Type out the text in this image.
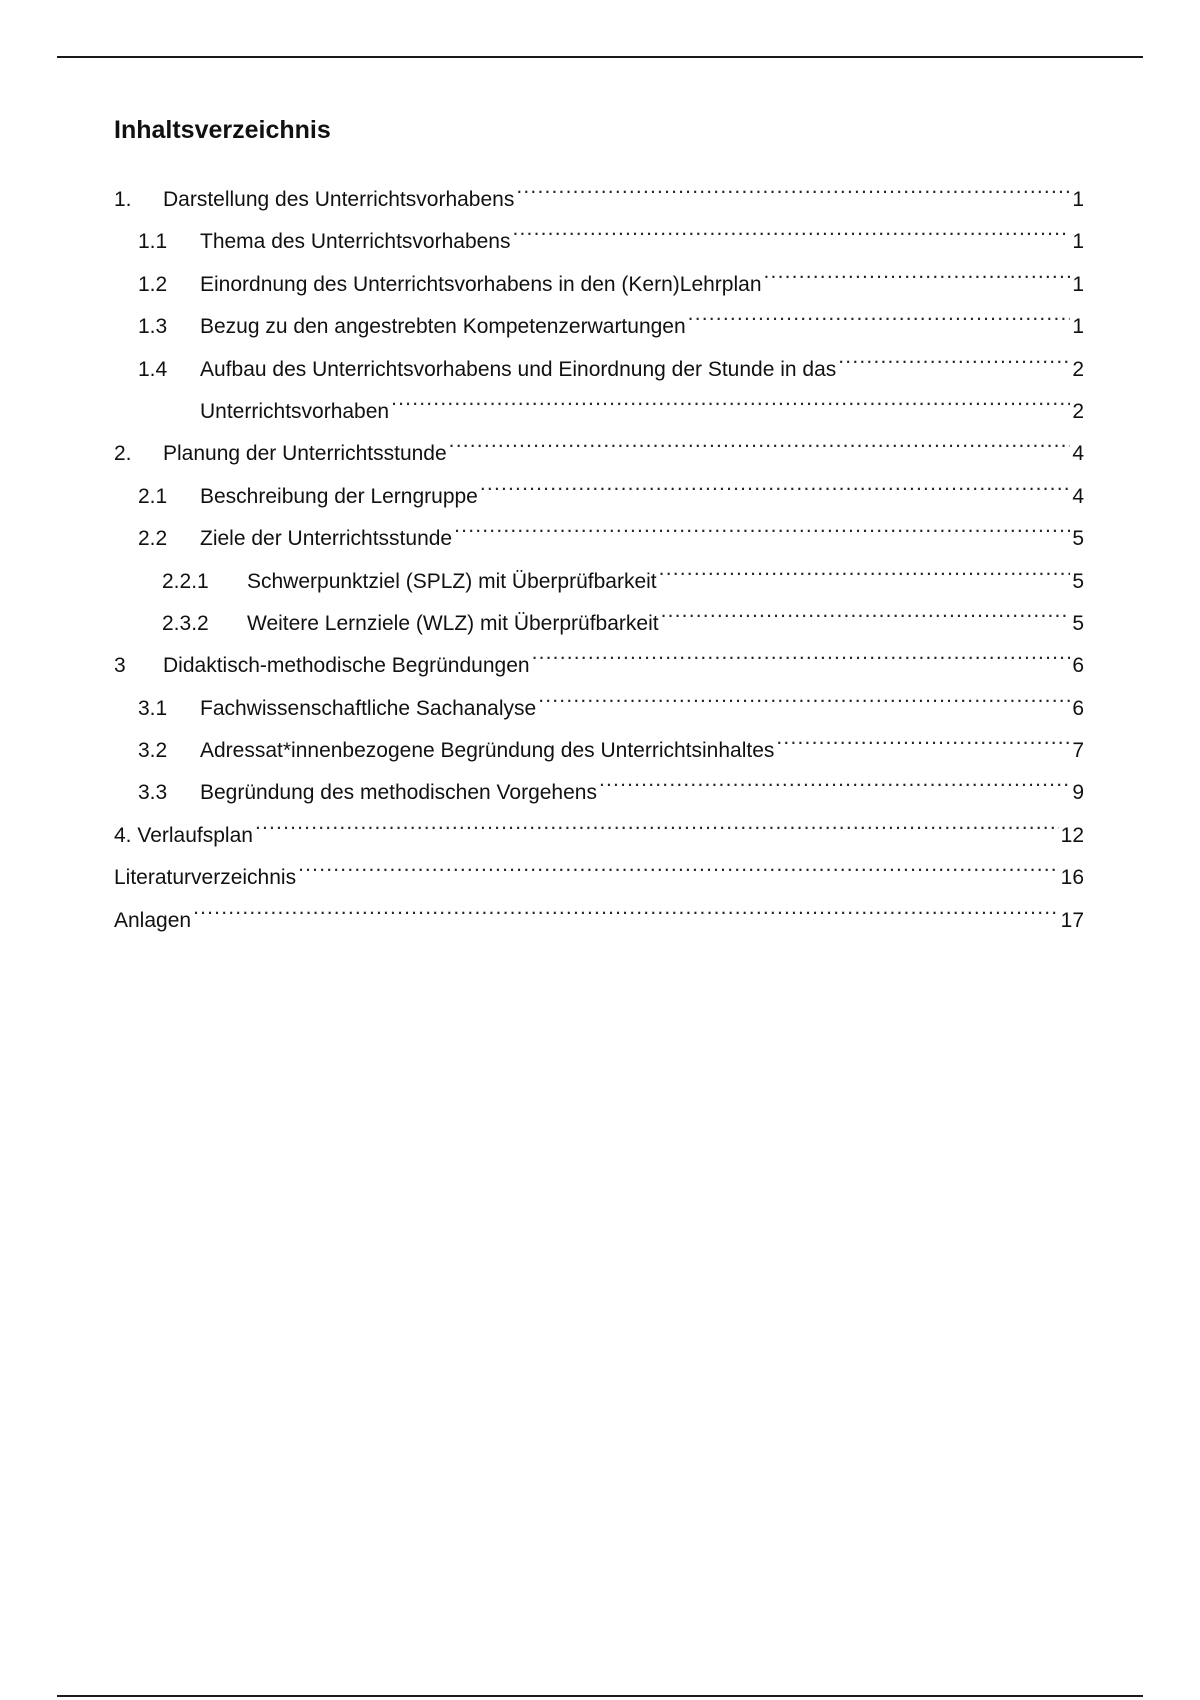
Inhaltsverzeichnis
1.	Darstellung des Unterrichtsvorhabens .....	1
1.1	Thema des Unterrichtsvorhabens .....	1
1.2	Einordnung des Unterrichtsvorhabens in den (Kern)Lehrplan .....	1
1.3	Bezug zu den angestrebten Kompetenzerwartungen .....	1
1.4	Aufbau des Unterrichtsvorhabens und Einordnung der Stunde in das .....	2
Unterrichtsvorhaben .....	2
2.	Planung der Unterrichtsstunde .....	4
2.1	Beschreibung der Lerngruppe .....	4
2.2	Ziele der Unterrichtsstunde .....	5
2.2.1	Schwerpunktziel (SPLZ) mit Überprüfbarkeit .....	5
2.3.2	Weitere Lernziele (WLZ) mit Überprüfbarkeit .....	5
3	Didaktisch-methodische Begründungen .....	6
3.1	Fachwissenschaftliche Sachanalyse .....	6
3.2	Adressat*innenbezogene Begründung des Unterrichtsinhaltes .....	7
3.3	Begründung des methodischen Vorgehens .....	9
4. Verlaufsplan .....	12
Literaturverzeichnis .....	16
Anlagen .....	17
